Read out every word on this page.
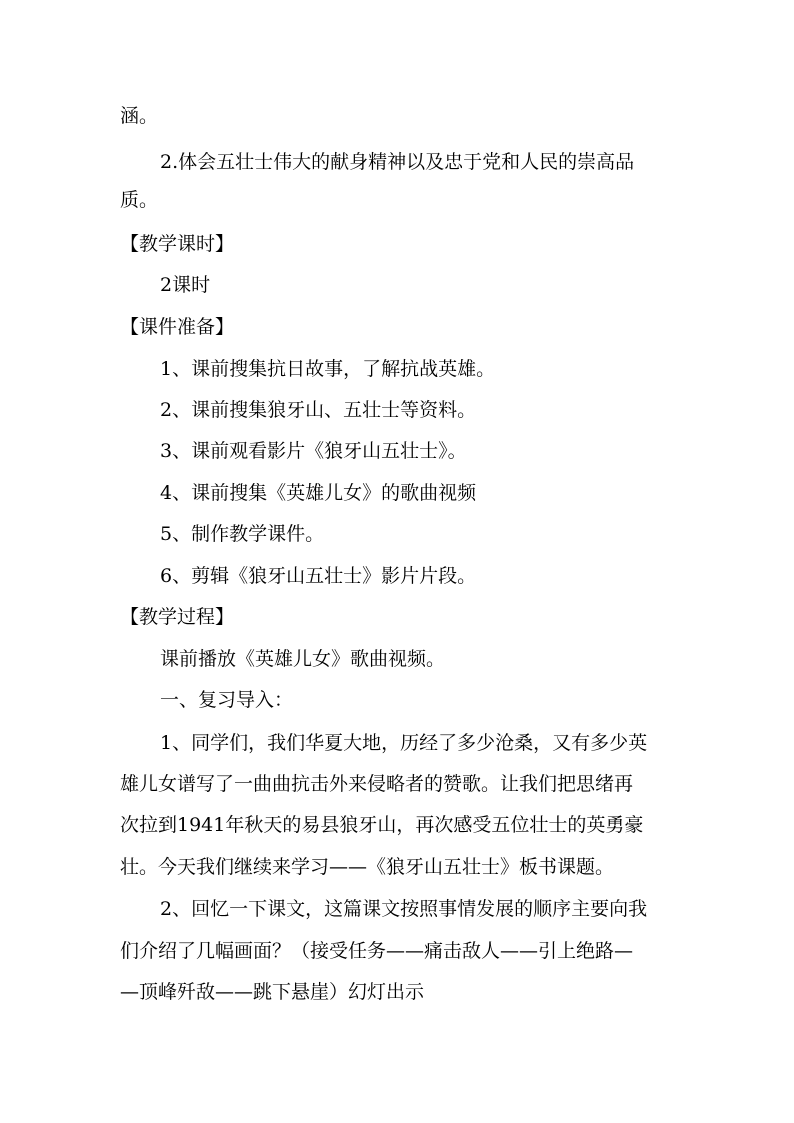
涵。
2.体会五壮士伟大的献身精神以及忠于党和人民的崇高品
质。
【教学课时】
2课时
【课件准备】
1、课前搜集抗日故事，了解抗战英雄。
2、课前搜集狼牙山、五壮士等资料。
3、课前观看影片《狼牙山五壮士》。
4、课前搜集《英雄儿女》的歌曲视频
5、制作教学课件。
6、剪辑《狼牙山五壮士》影片片段。
【教学过程】
课前播放《英雄儿女》歌曲视频。
一、复习导入：
1、同学们，我们华夏大地，历经了多少沧桑，又有多少英
雄儿女谱写了一曲曲抗击外来侵略者的赞歌。让我们把思绪再
次拉到1941年秋天的易县狼牙山，再次感受五位壮士的英勇豪
壮。今天我们继续来学习——《狼牙山五壮士》板书课题。
2、回忆一下课文，这篇课文按照事情发展的顺序主要向我
们介绍了几幅画面？（接受任务——痛击敌人——引上绝路—
—顶峰歼敌——跳下悬崖）幻灯出示
